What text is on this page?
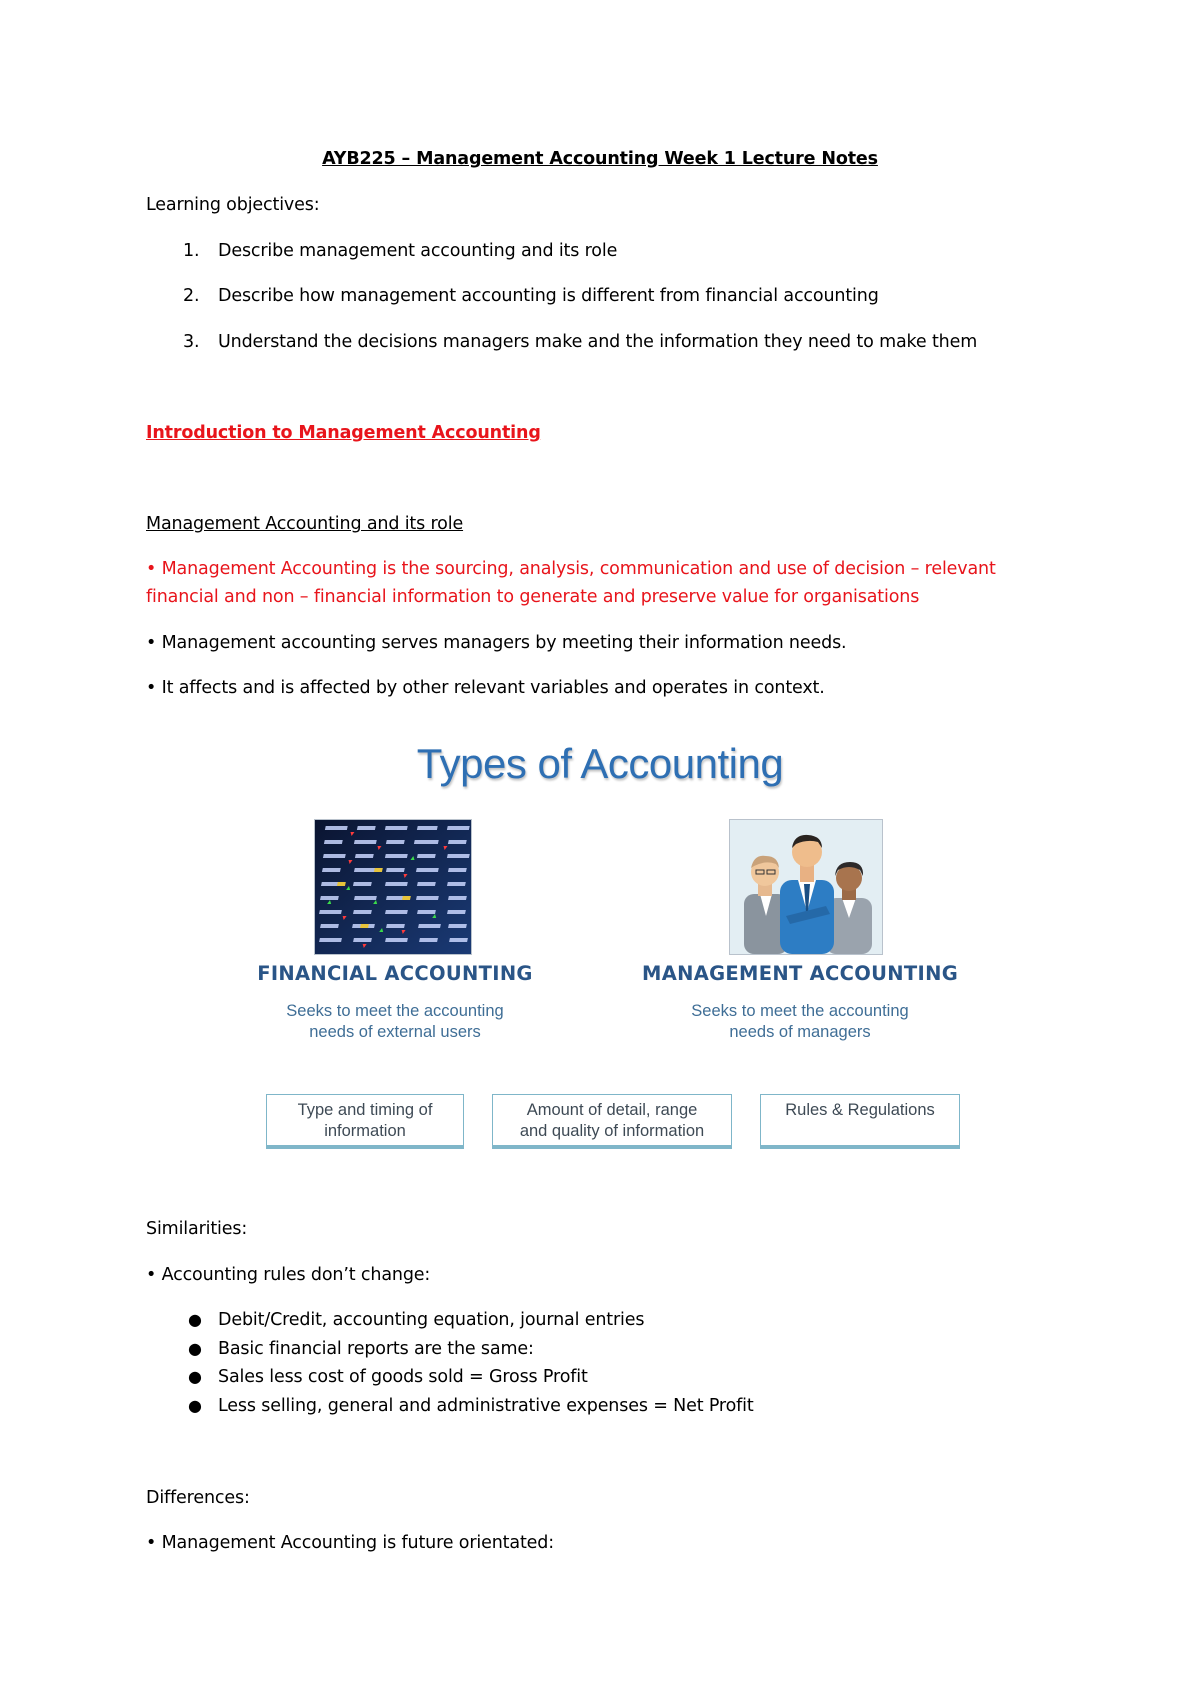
AYB225 – Management Accounting Week 1 Lecture Notes
Learning objectives:
1. Describe management accounting and its role
2. Describe how management accounting is different from financial accounting
3. Understand the decisions managers make and the information they need to make them
Introduction to Management Accounting
Management Accounting and its role
• Management Accounting is the sourcing, analysis, communication and use of decision – relevant
financial and non – financial information to generate and preserve value for organisations
• Management accounting serves managers by meeting their information needs.
• It affects and is affected by other relevant variables and operates in context.
Types of Accounting
FINANCIAL ACCOUNTING
Seeks to meet the accounting
needs of external users
MANAGEMENT ACCOUNTING
Seeks to meet the accounting
needs of managers
Type and timing of
information
Amount of detail, range
and quality of information
Rules & Regulations
Similarities:
• Accounting rules don’t change:
● Debit/Credit, accounting equation, journal entries
● Basic financial reports are the same:
● Sales less cost of goods sold = Gross Profit
● Less selling, general and administrative expenses = Net Profit
Differences:
• Management Accounting is future orientated:
